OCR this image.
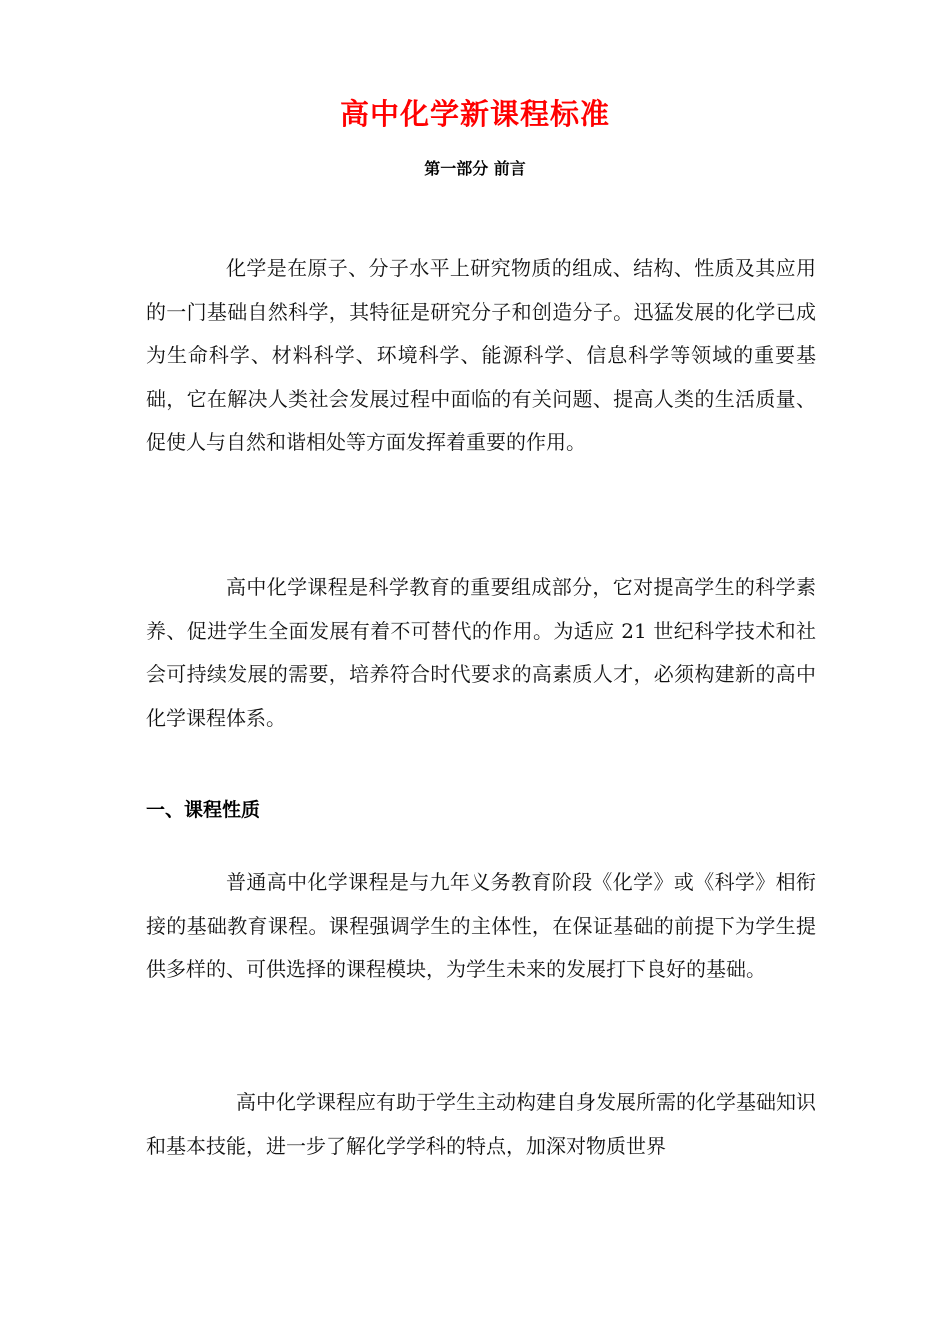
高中化学新课程标准
第一部分 前言

化学是在原子、分子水平上研究物质的组成、结构、性质及其应用的一门基础自然科学，其特征是研究分子和创造分子。迅猛发展的化学已成为生命科学、材料科学、环境科学、能源科学、信息科学等领域的重要基础，它在解决人类社会发展过程中面临的有关问题、提高人类的生活质量、促使人与自然和谐相处等方面发挥着重要的作用。

高中化学课程是科学教育的重要组成部分，它对提高学生的科学素养、促进学生全面发展有着不可替代的作用。为适应 21 世纪科学技术和社会可持续发展的需要，培养符合时代要求的高素质人才，必须构建新的高中化学课程体系。

一、课程性质

普通高中化学课程是与九年义务教育阶段《化学》或《科学》相衔接的基础教育课程。课程强调学生的主体性，在保证基础的前提下为学生提供多样的、可供选择的课程模块，为学生未来的发展打下良好的基础。

高中化学课程应有助于学生主动构建自身发展所需的化学基础知识和基本技能，进一步了解化学学科的特点，加深对物质世界
